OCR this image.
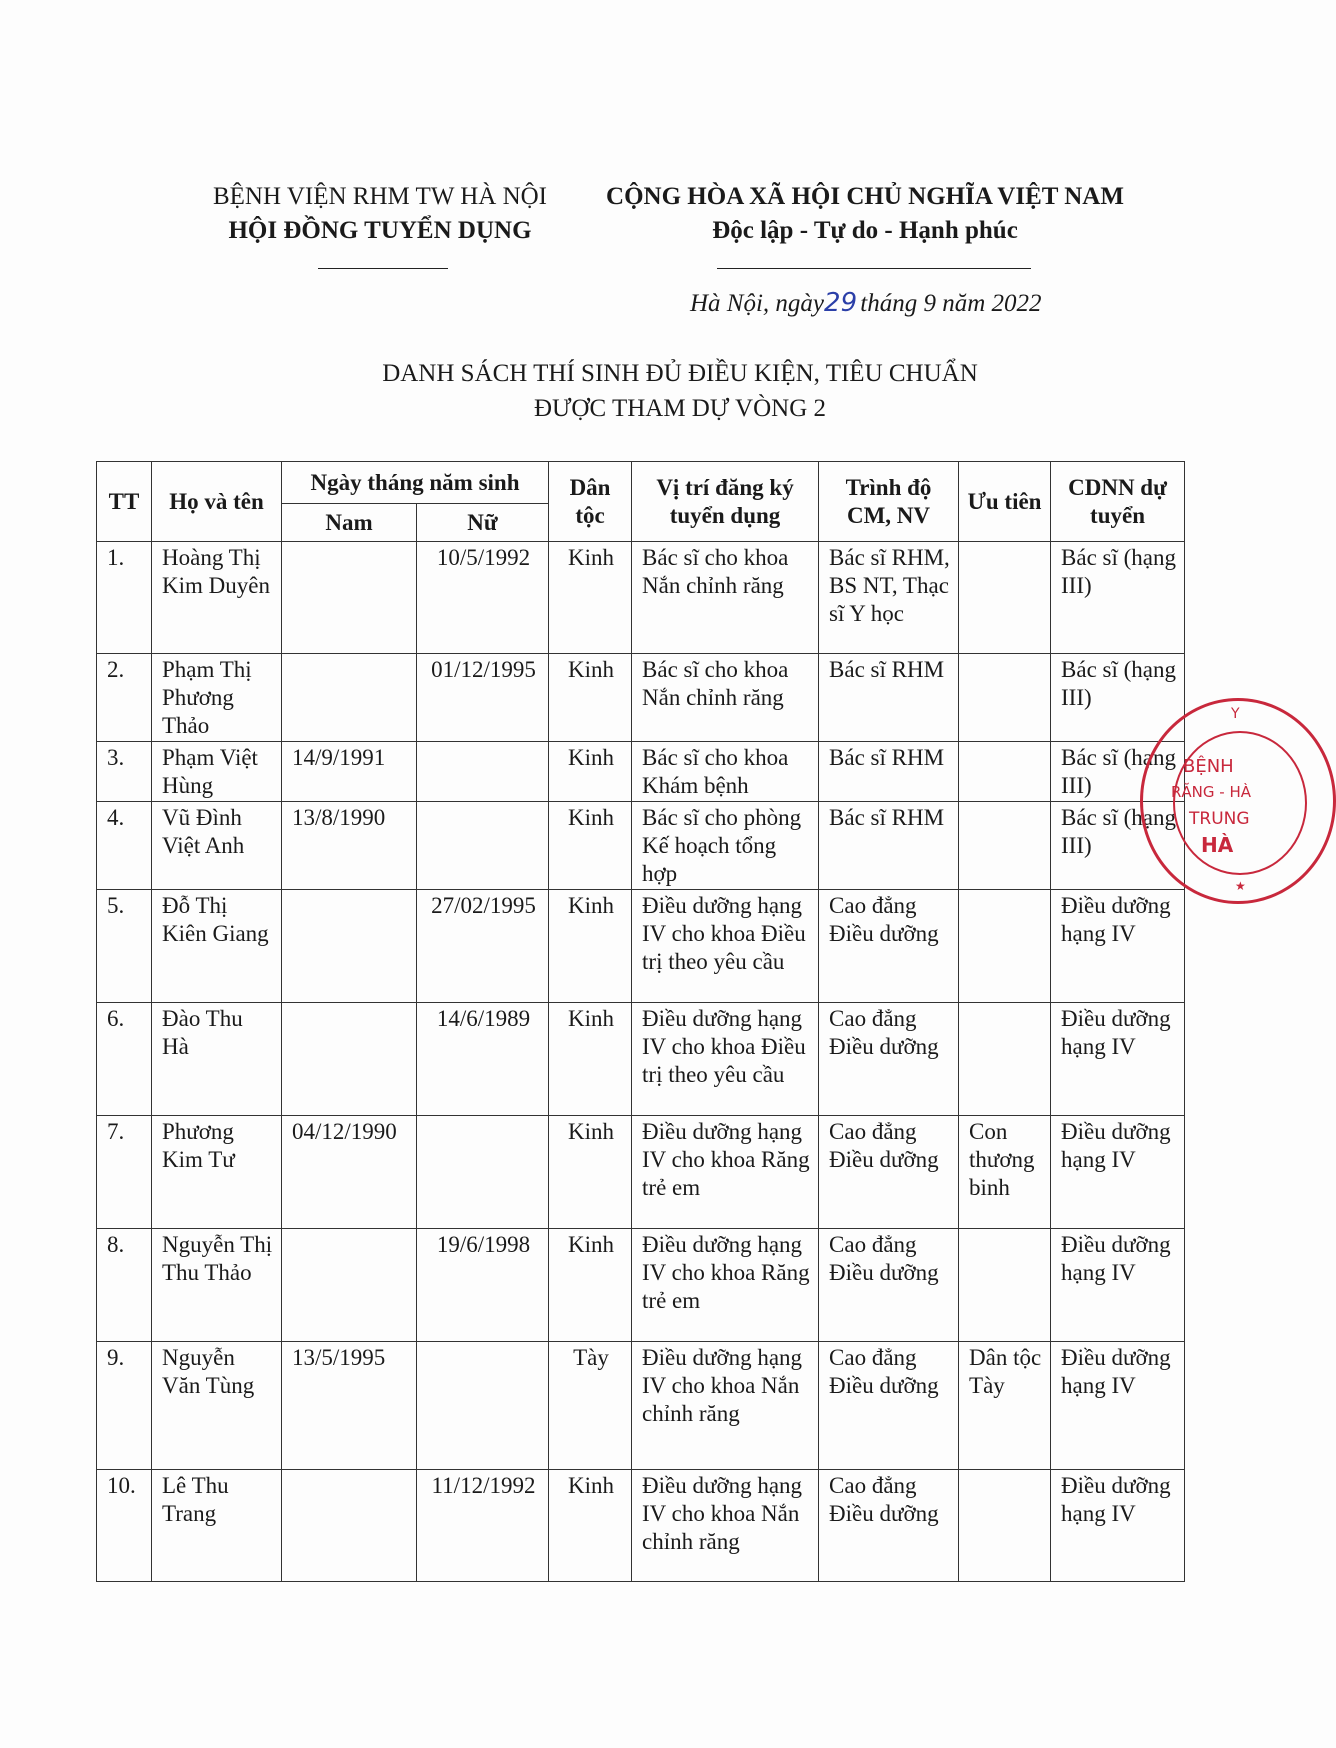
BỆNH VIỆN RHM TW HÀ NỘI
HỘI ĐỒNG TUYỂN DỤNG
CỘNG HÒA XÃ HỘI CHỦ NGHĨA VIỆT NAM
Độc lập - Tự do - Hạnh phúc
Hà Nội, ngày29 tháng 9 năm 2022
DANH SÁCH THÍ SINH ĐỦ ĐIỀU KIỆN, TIÊU CHUẨN
ĐƯỢC THAM DỰ VÒNG 2
TT	Họ và tên	Ngày tháng năm sinh		Dân tộc	Vị trí đăng ký tuyển dụng	Trình độ CM, NV	Ưu tiên	CDNN dự tuyển
		Nam	Nữ					
1.	Hoàng Thị Kim Duyên		10/5/1992	Kinh	Bác sĩ cho khoa Nắn chỉnh răng	Bác sĩ RHM, BS NT, Thạc sĩ Y học		Bác sĩ (hạng III)
2.	Phạm Thị Phương Thảo		01/12/1995	Kinh	Bác sĩ cho khoa Nắn chỉnh răng	Bác sĩ RHM		Bác sĩ (hạng III)
3.	Phạm Việt Hùng	14/9/1991		Kinh	Bác sĩ cho khoa Khám bệnh	Bác sĩ RHM		Bác sĩ (hạng III)
4.	Vũ Đình Việt Anh	13/8/1990		Kinh	Bác sĩ cho phòng Kế hoạch tổng hợp	Bác sĩ RHM		Bác sĩ (hạng III)
5.	Đỗ Thị Kiên Giang		27/02/1995	Kinh	Điều dưỡng hạng IV cho khoa Điều trị theo yêu cầu	Cao đẳng Điều dưỡng		Điều dưỡng hạng IV
6.	Đào Thu Hà		14/6/1989	Kinh	Điều dưỡng hạng IV cho khoa Điều trị theo yêu cầu	Cao đẳng Điều dưỡng		Điều dưỡng hạng IV
7.	Phương Kim Tư	04/12/1990		Kinh	Điều dưỡng hạng IV cho khoa Răng trẻ em	Cao đẳng Điều dưỡng	Con thương binh	Điều dưỡng hạng IV
8.	Nguyễn Thị Thu Thảo		19/6/1998	Kinh	Điều dưỡng hạng IV cho khoa Răng trẻ em	Cao đẳng Điều dưỡng		Điều dưỡng hạng IV
9.	Nguyễn Văn Tùng	13/5/1995		Tày	Điều dưỡng hạng IV cho khoa Nắn chỉnh răng	Cao đẳng Điều dưỡng	Dân tộc Tày	Điều dưỡng hạng IV
10.	Lê Thu Trang		11/12/1992	Kinh	Điều dưỡng hạng IV cho khoa Nắn chỉnh răng	Cao đẳng Điều dưỡng		Điều dưỡng hạng IV
Y
BỆNH
RĂNG - HÀ
TRUNG
HÀ
★
